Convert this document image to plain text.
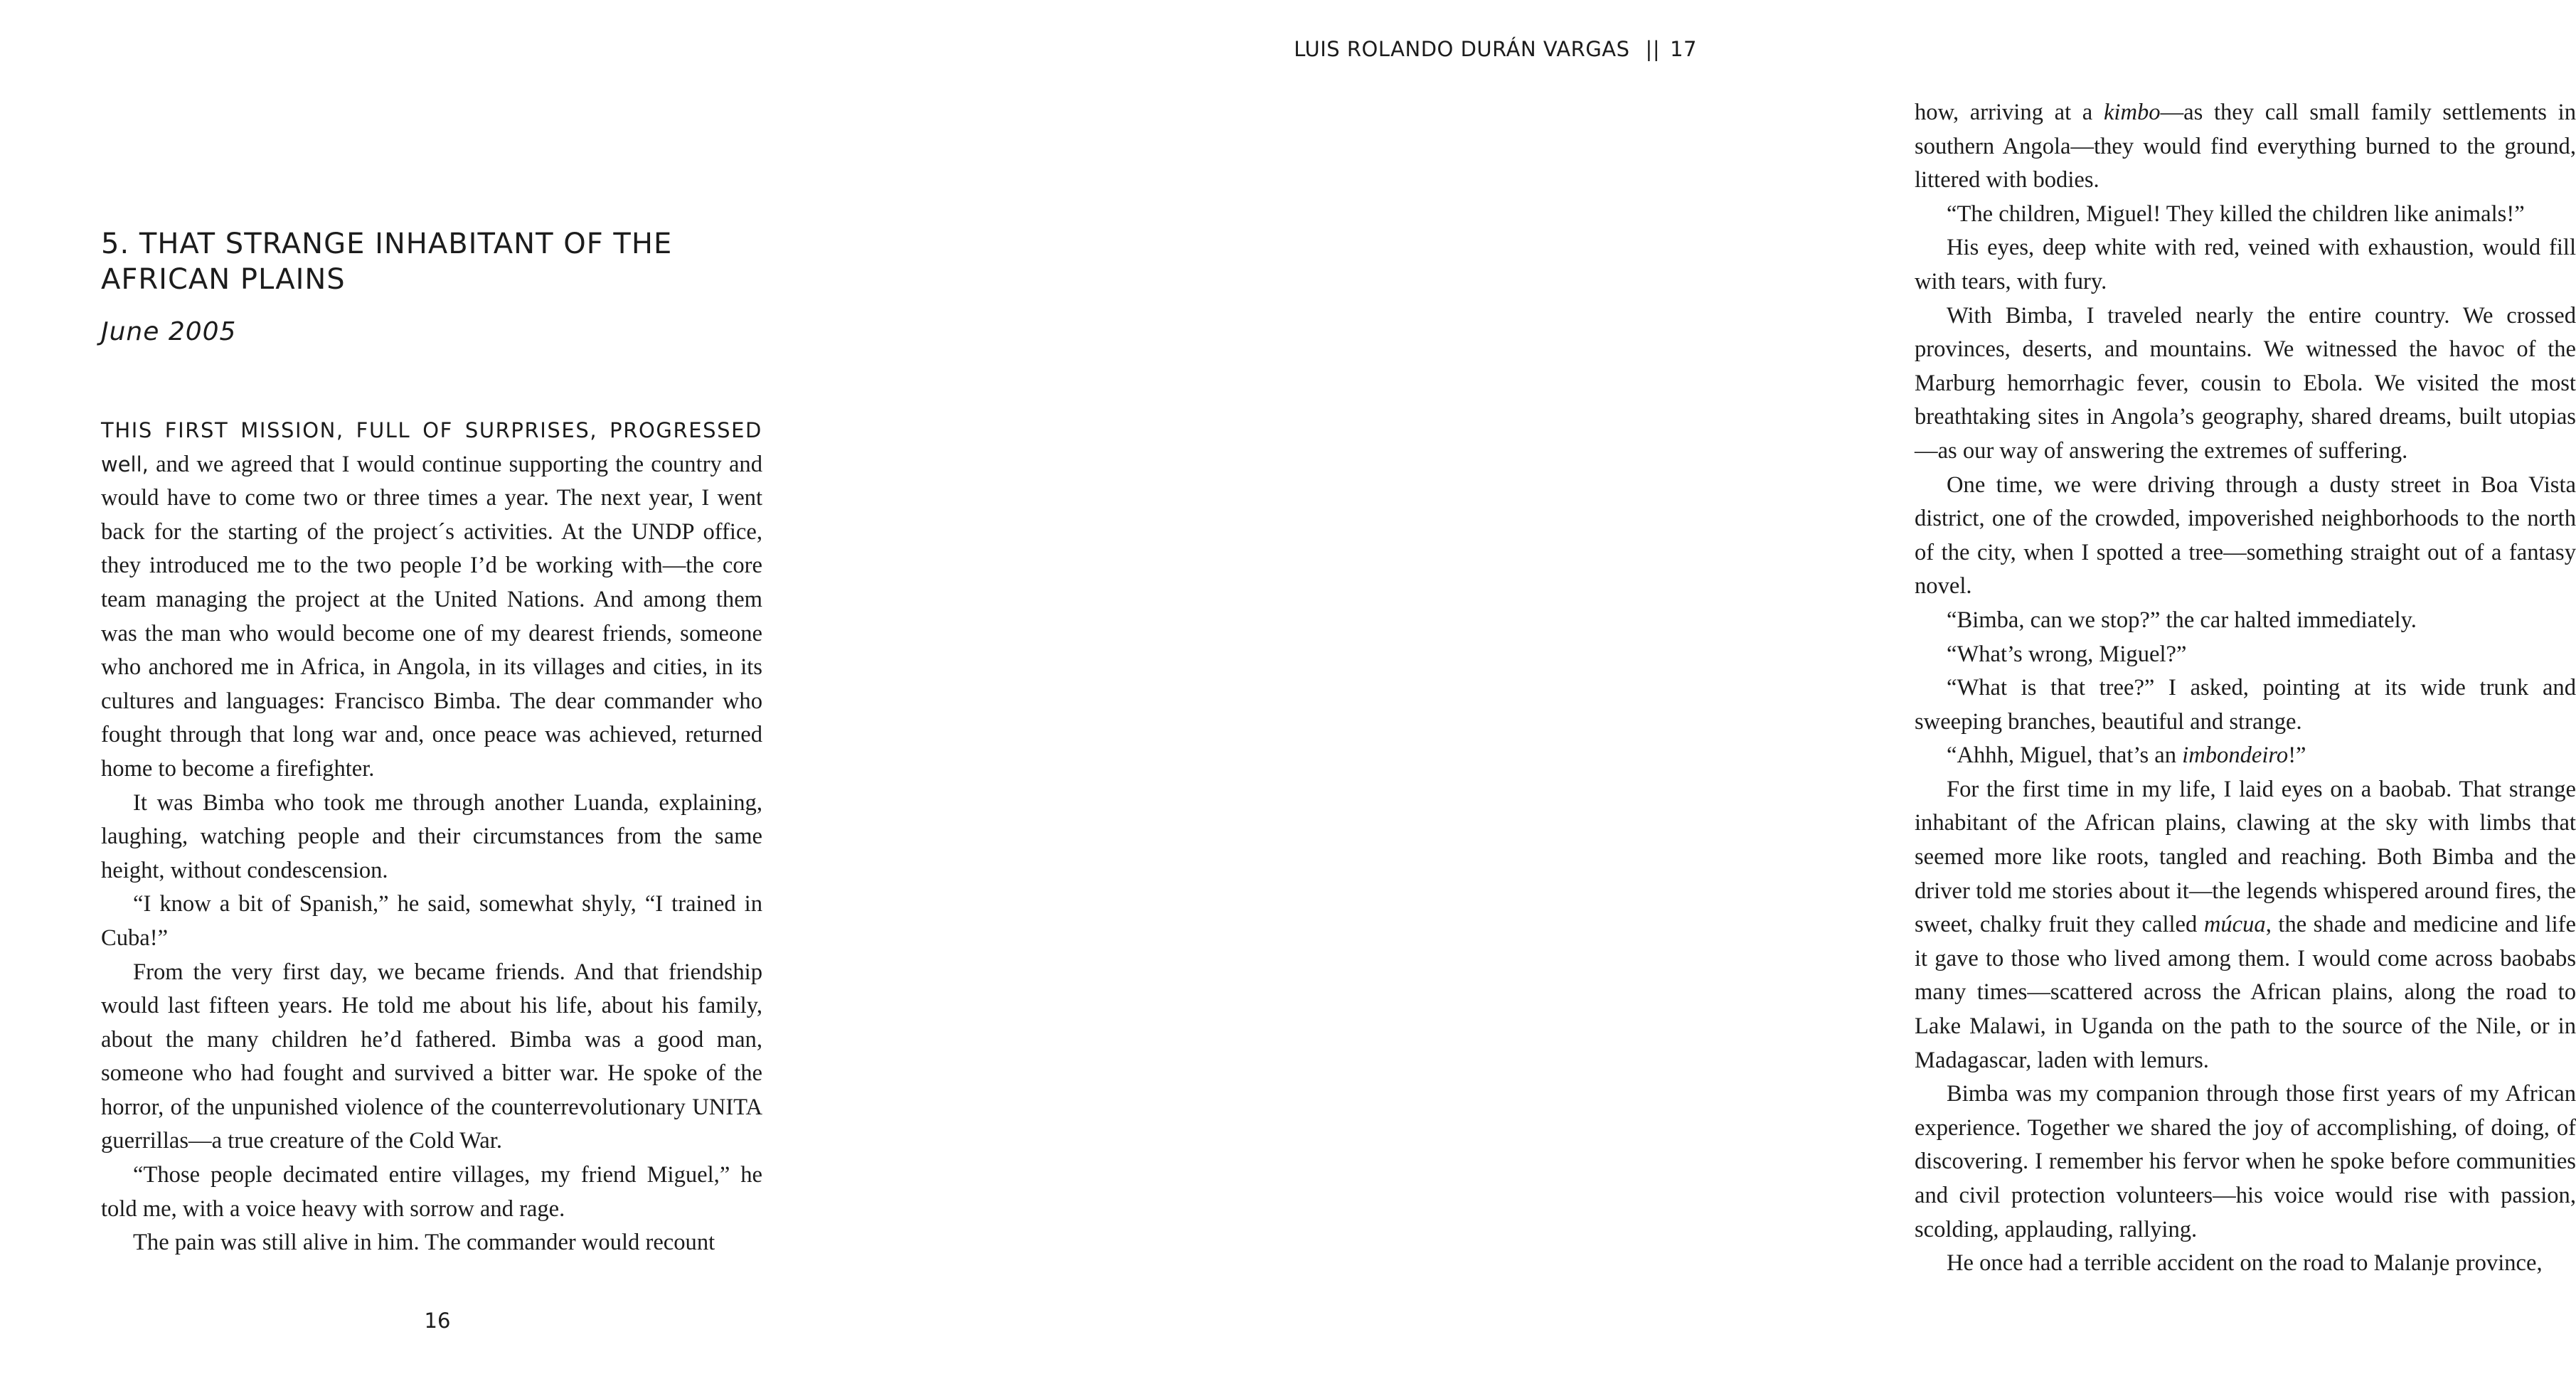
5. THAT STRANGE INHABITANT OF THE AFRICAN PLAINS
June 2005

THIS FIRST MISSION, FULL OF SURPRISES, PROGRESSED well, and we agreed that I would continue supporting the country and would have to come two or three times a year. The next year, I went back for the starting of the project´s activities. At the UNDP office, they introduced me to the two people I’d be working with—the core team managing the project at the United Nations. And among them was the man who would become one of my dearest friends, someone who anchored me in Africa, in Angola, in its villages and cities, in its cultures and languages: Francisco Bimba. The dear commander who fought through that long war and, once peace was achieved, returned home to become a firefighter.

It was Bimba who took me through another Luanda, explaining, laughing, watching people and their circumstances from the same height, without condescension.

“I know a bit of Spanish,” he said, somewhat shyly, “I trained in Cuba!”

From the very first day, we became friends. And that friendship would last fifteen years. He told me about his life, about his family, about the many children he’d fathered. Bimba was a good man, someone who had fought and survived a bitter war. He spoke of the horror, of the unpunished violence of the counterrevolutionary UNITA guerrillas—a true creature of the Cold War.

“Those people decimated entire villages, my friend Miguel,” he told me, with a voice heavy with sorrow and rage.

The pain was still alive in him. The commander would recount

16
LUIS ROLANDO DURÁN VARGAS || 17

how, arriving at a kimbo—as they call small family settlements in southern Angola—they would find everything burned to the ground, littered with bodies.

“The children, Miguel! They killed the children like animals!”

His eyes, deep white with red, veined with exhaustion, would fill with tears, with fury.

With Bimba, I traveled nearly the entire country. We crossed provinces, deserts, and mountains. We witnessed the havoc of the Marburg hemorrhagic fever, cousin to Ebola. We visited the most breathtaking sites in Angola’s geography, shared dreams, built utopias—as our way of answering the extremes of suffering.

One time, we were driving through a dusty street in Boa Vista district, one of the crowded, impoverished neighborhoods to the north of the city, when I spotted a tree—something straight out of a fantasy novel.

“Bimba, can we stop?” the car halted immediately.

“What’s wrong, Miguel?”

“What is that tree?” I asked, pointing at its wide trunk and sweeping branches, beautiful and strange.

“Ahhh, Miguel, that’s an imbondeiro!”

For the first time in my life, I laid eyes on a baobab. That strange inhabitant of the African plains, clawing at the sky with limbs that seemed more like roots, tangled and reaching. Both Bimba and the driver told me stories about it—the legends whispered around fires, the sweet, chalky fruit they called múcua, the shade and medicine and life it gave to those who lived among them. I would come across baobabs many times—scattered across the African plains, along the road to Lake Malawi, in Uganda on the path to the source of the Nile, or in Madagascar, laden with lemurs.

Bimba was my companion through those first years of my African experience. Together we shared the joy of accomplishing, of doing, of discovering. I remember his fervor when he spoke before communities and civil protection volunteers—his voice would rise with passion, scolding, applauding, rallying.

He once had a terrible accident on the road to Malanje province,
